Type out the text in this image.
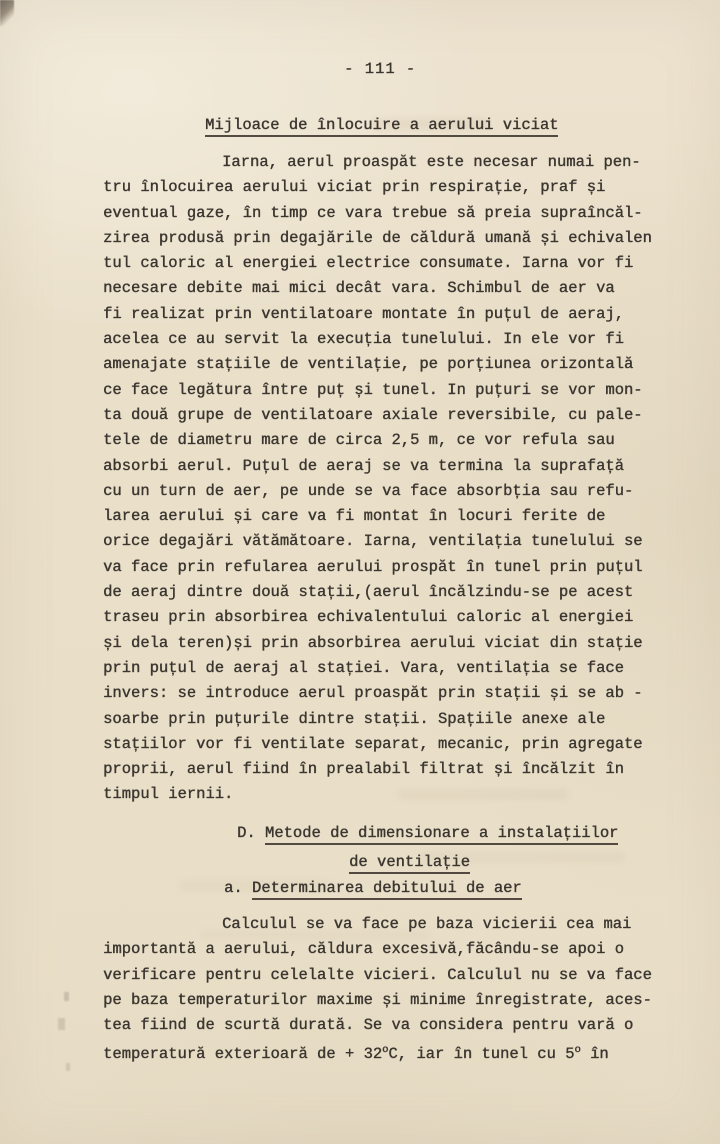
- 111 -
Mijloace de înlocuire a aerului viciat
Iarna, aerul proaspăt este necesar numai pen-
tru înlocuirea aerului viciat prin respirație, praf și
eventual gaze, în timp ce vara trebue să preia supraîncăl-
zirea produsă prin degajările de căldură umană și echivalen
tul caloric al energiei electrice consumate. Iarna vor fi
necesare debite mai mici decât vara. Schimbul de aer va
fi realizat prin ventilatoare montate în puțul de aeraj,
acelea ce au servit la execuția tunelului. In ele vor fi
amenajate stațiile de ventilație, pe porțiunea orizontală
ce face legătura între puț și tunel. In puțuri se vor mon-
ta două grupe de ventilatoare axiale reversibile, cu pale-
tele de diametru mare de circa 2,5 m, ce vor refula sau
absorbi aerul. Puțul de aeraj se va termina la suprafață
cu un turn de aer, pe unde se va face absorbția sau refu-
larea aerului și care va fi montat în locuri ferite de
orice degajări vătămătoare. Iarna, ventilația tunelului se
va face prin refularea aerului prospăt în tunel prin puțul
de aeraj dintre două stații,(aerul încălzindu-se pe acest
traseu prin absorbirea echivalentului caloric al energiei
și dela teren)și prin absorbirea aerului viciat din stație
prin puțul de aeraj al stației. Vara, ventilația se face
invers: se introduce aerul proaspăt prin stații și se ab -
soarbe prin puțurile dintre stații. Spațiile anexe ale
stațiilor vor fi ventilate separat, mecanic, prin agregate
proprii, aerul fiind în prealabil filtrat și încălzit în
timpul iernii.
D. Metode de dimensionare a instalațiilor
de ventilație
a. Determinarea debitului de aer
Calculul se va face pe baza vicierii cea mai
importantă a aerului, căldura excesivă,făcându-se apoi o
verificare pentru celelalte vicieri. Calculul nu se va face
pe baza temperaturilor maxime și minime înregistrate, aces-
tea fiind de scurtă durată. Se va considera pentru vară o
temperatură exterioară de + $32^oC$, iar în tunel cu 5$^o$ în
